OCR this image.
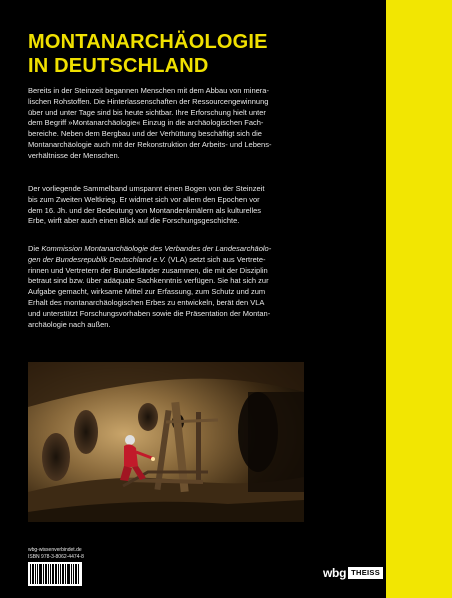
MONTANARCHÄOLOGIE
IN DEUTSCHLAND
Bereits in der Steinzeit begannen Menschen mit dem Abbau von minera-
lischen Rohstoffen. Die Hinterlassenschaften der Ressourcengewinnung
über und unter Tage sind bis heute sichtbar. Ihre Erforschung hielt unter
dem Begriff »Montanarchäologie« Einzug in die archäologischen Fach-
bereiche. Neben dem Bergbau und der Verhüttung beschäftigt sich die
Montanarchäologie auch mit der Rekonstruktion der Arbeits- und Lebens-
verhältnisse der Menschen.
Der vorliegende Sammelband umspannt einen Bogen von der Steinzeit
bis zum Zweiten Weltkrieg. Er widmet sich vor allem den Epochen vor
dem 16. Jh. und der Bedeutung von Montandenkmälern als kulturelles
Erbe, wirft aber auch einen Blick auf die Forschungsgeschichte.
Die Kommission Montanarchäologie des Verbandes der Landesarchäolo-
gen der Bundesrepublik Deutschland e.V. (VLA) setzt sich aus Vertrete-
rinnen und Vertretern der Bundesländer zusammen, die mit der Disziplin
betraut sind bzw. über adäquate Sachkenntnis verfügen. Sie hat sich zur
Aufgabe gemacht, wirksame Mittel zur Erfassung, zum Schutz und zum
Erhalt des montanarchäologischen Erbes zu entwickeln, berät den VLA
und unterstützt Forschungsvorhaben sowie die Präsentation der Montan-
archäologie nach außen.
wbg-wissenverbindet.de
ISBN 978-3-8062-4474-8
wbg THEISS
